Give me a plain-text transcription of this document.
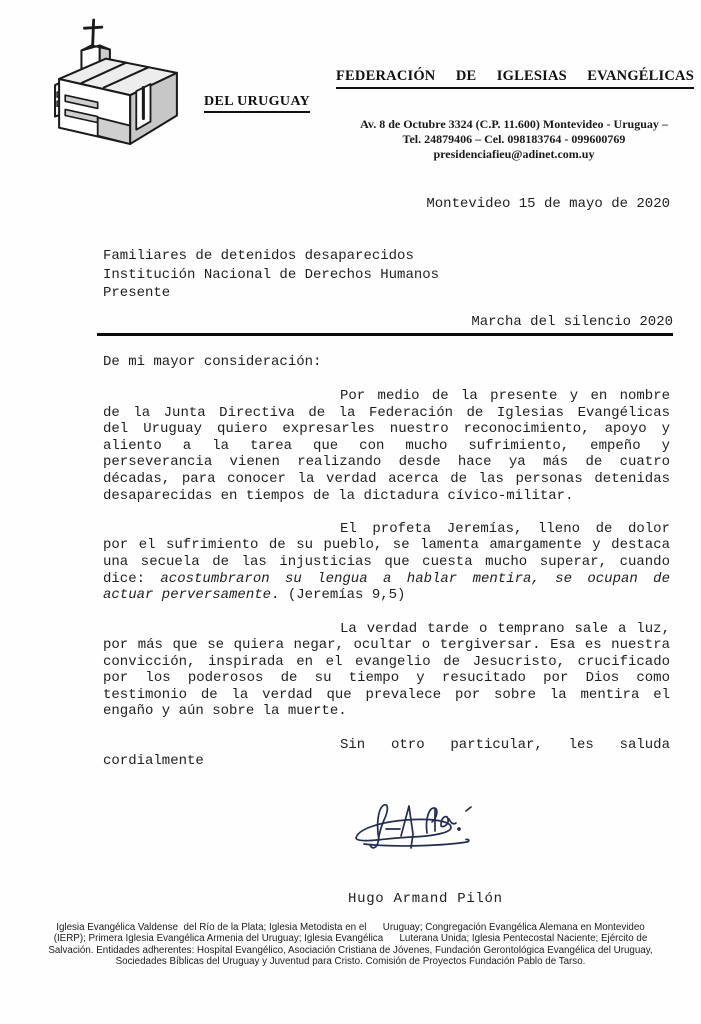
FEDERACIÓN DE IGLESIAS EVANGÉLICAS
DEL URUGUAY
Av. 8 de Octubre 3324 (C.P. 11.600) Montevideo - Uruguay –
Tel. 24879406 – Cel. 098183764 - 099600769
presidenciafieu@adinet.com.uy
Montevideo 15 de mayo de 2020
Familiares de detenidos desaparecidos
Institución Nacional de Derechos Humanos
Presente
Marcha del silencio 2020
De mi mayor consideración:
Por medio de la presente y en nombre
de la Junta Directiva de la Federación de Iglesias Evangélicas
del Uruguay quiero expresarles nuestro reconocimiento, apoyo y
aliento a la tarea que con mucho sufrimiento, empeño y
perseverancia vienen realizando desde hace ya más de cuatro
décadas, para conocer la verdad acerca de las personas detenidas
desaparecidas en tiempos de la dictadura cívico-militar.
El profeta Jeremías, lleno de dolor
por el sufrimiento de su pueblo, se lamenta amargamente y destaca
una secuela de las injusticias que cuesta mucho superar, cuando
dice: acostumbraron su lengua a hablar mentira, se ocupan de
actuar perversamente. (Jeremías 9,5)
La verdad tarde o temprano sale a luz,
por más que se quiera negar, ocultar o tergiversar. Esa es nuestra
convicción, inspirada en el evangelio de Jesucristo, crucificado
por los poderosos de su tiempo y resucitado por Dios como
testimonio de la verdad que prevalece por sobre la mentira el
engaño y aún sobre la muerte.
Sin otro particular, les saluda
cordialmente
Hugo Armand Pilón
Iglesia Evangélica Valdense  del Río de la Plata; Iglesia Metodista en el      Uruguay; Congregación Evangélica Alemana en Montevideo
(IERP); Primera Iglesia Evangélica Armenia del Uruguay; Iglesia Evangélica      Luterana Unida; Iglesia Pentecostal Naciente; Ejército de
Salvación. Entidades adherentes: Hospital Evangélico, Asociación Cristiana de Jóvenes, Fundación Gerontológica Evangélica del Uruguay,
Sociedades Bíblicas del Uruguay y Juventud para Cristo. Comisión de Proyectos Fundación Pablo de Tarso.
